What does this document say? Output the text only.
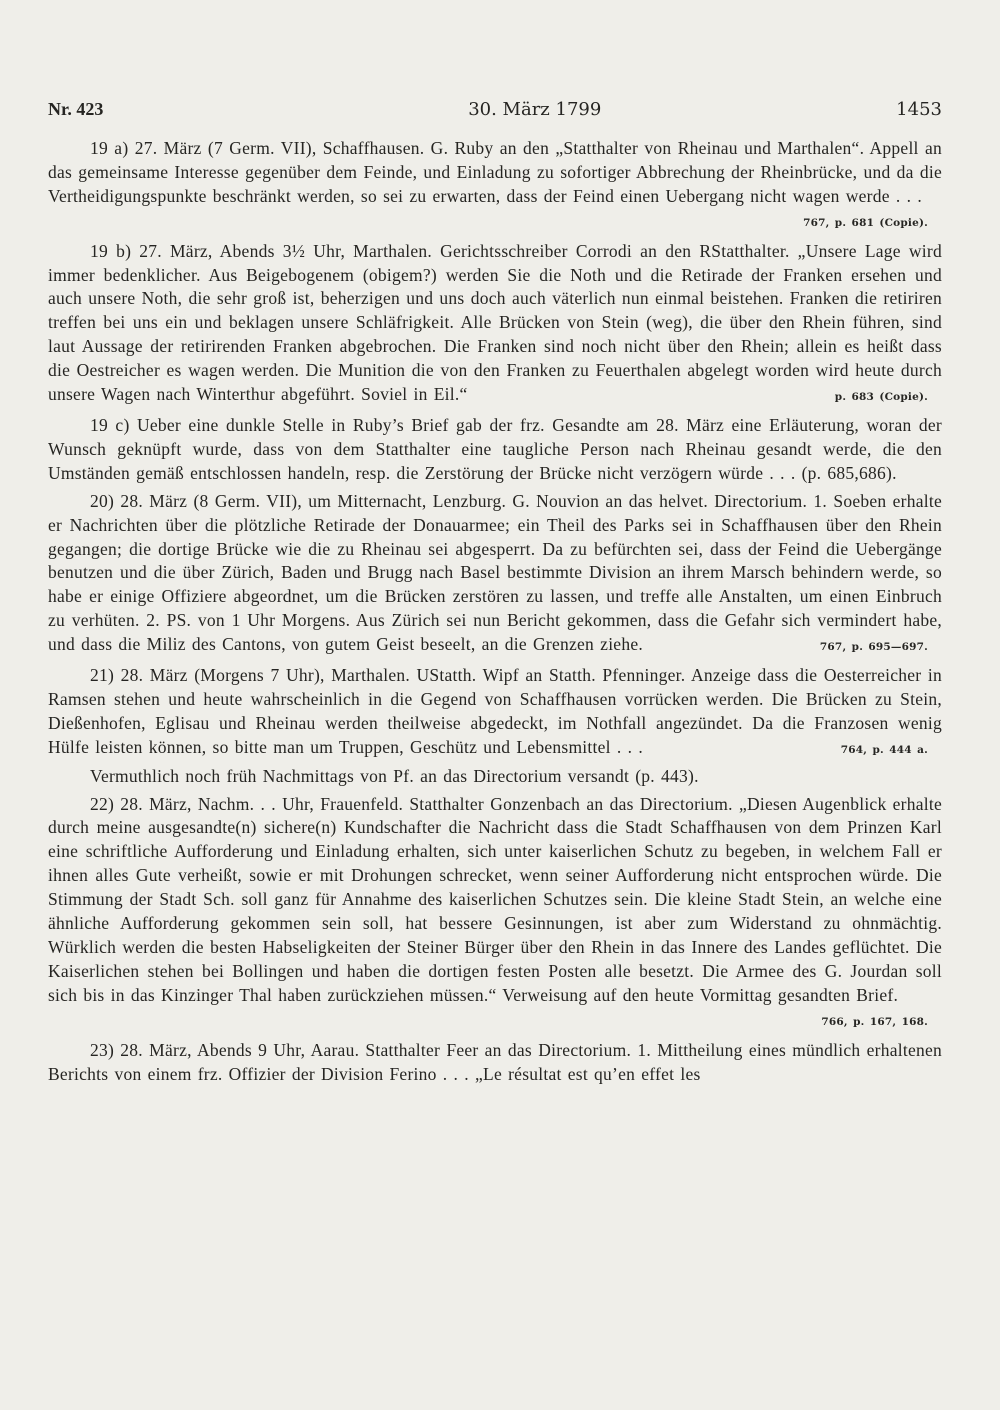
Nr. 423	30. März 1799	1453

19 a) 27. März (7 Germ. VII), Schaffhausen. G. Ruby an den „Statthalter von Rheinau und Marthalen“. Appell an das gemeinsame Interesse gegenüber dem Feinde, und Einladung zu sofortiger Abbrechung der Rheinbrücke, und da die Vertheidigungspunkte beschränkt werden, so sei zu erwarten, dass der Feind einen Uebergang nicht wagen werde . . .
767, p. 681 (Copie).

19 b) 27. März, Abends 3½ Uhr, Marthalen. Gerichtsschreiber Corrodi an den RStatthalter. „Unsere Lage wird immer bedenklicher. Aus Beigebogenem (obigem?) werden Sie die Noth und die Retirade der Franken ersehen und auch unsere Noth, die sehr groß ist, beherzigen und uns doch auch väterlich nun einmal beistehen. Franken die retiriren treffen bei uns ein und beklagen unsere Schläfrigkeit. Alle Brücken von Stein (weg), die über den Rhein führen, sind laut Aussage der retirirenden Franken abgebrochen. Die Franken sind noch nicht über den Rhein; allein es heißt dass die Oestreicher es wagen werden. Die Munition die von den Franken zu Feuerthalen abgelegt worden wird heute durch unsere Wagen nach Winterthur abgeführt. Soviel in Eil.“	p. 683 (Copie).

19 c) Ueber eine dunkle Stelle in Ruby’s Brief gab der frz. Gesandte am 28. März eine Erläuterung, woran der Wunsch geknüpft wurde, dass von dem Statthalter eine taugliche Person nach Rheinau gesandt werde, die den Umständen gemäß entschlossen handeln, resp. die Zerstörung der Brücke nicht verzögern würde . . . (p. 685,686).

20) 28. März (8 Germ. VII), um Mitternacht, Lenzburg. G. Nouvion an das helvet. Directorium. 1. Soeben erhalte er Nachrichten über die plötzliche Retirade der Donauarmee; ein Theil des Parks sei in Schaffhausen über den Rhein gegangen; die dortige Brücke wie die zu Rheinau sei abgesperrt. Da zu befürchten sei, dass der Feind die Uebergänge benutzen und die über Zürich, Baden und Brugg nach Basel bestimmte Division an ihrem Marsch behindern werde, so habe er einige Offiziere abgeordnet, um die Brücken zerstören zu lassen, und treffe alle Anstalten, um einen Einbruch zu verhüten. 2. PS. von 1 Uhr Morgens. Aus Zürich sei nun Bericht gekommen, dass die Gefahr sich vermindert habe, und dass die Miliz des Cantons, von gutem Geist beseelt, an die Grenzen ziehe.	767, p. 695—697.

21) 28. März (Morgens 7 Uhr), Marthalen. UStatth. Wipf an Statth. Pfenninger. Anzeige dass die Oesterreicher in Ramsen stehen und heute wahrscheinlich in die Gegend von Schaffhausen vorrücken werden. Die Brücken zu Stein, Dießenhofen, Eglisau und Rheinau werden theilweise abgedeckt, im Nothfall angezündet. Da die Franzosen wenig Hülfe leisten können, so bitte man um Truppen, Geschütz und Lebensmittel . . .	764, p. 444 a.

Vermuthlich noch früh Nachmittags von Pf. an das Directorium versandt (p. 443).

22) 28. März, Nachm. . . Uhr, Frauenfeld. Statthalter Gonzenbach an das Directorium. „Diesen Augenblick erhalte durch meine ausgesandte(n) sichere(n) Kundschafter die Nachricht dass die Stadt Schaffhausen von dem Prinzen Karl eine schriftliche Aufforderung und Einladung erhalten, sich unter kaiserlichen Schutz zu begeben, in welchem Fall er ihnen alles Gute verheißt, sowie er mit Drohungen schrecket, wenn seiner Aufforderung nicht entsprochen würde. Die Stimmung der Stadt Sch. soll ganz für Annahme des kaiserlichen Schutzes sein. Die kleine Stadt Stein, an welche eine ähnliche Aufforderung gekommen sein soll, hat bessere Gesinnungen, ist aber zum Widerstand zu ohnmächtig. Würklich werden die besten Habseligkeiten der Steiner Bürger über den Rhein in das Innere des Landes geflüchtet. Die Kaiserlichen stehen bei Bollingen und haben die dortigen festen Posten alle besetzt. Die Armee des G. Jourdan soll sich bis in das Kinzinger Thal haben zurückziehen müssen.“ Verweisung auf den heute Vormittag gesandten Brief.
766, p. 167, 168.

23) 28. März, Abends 9 Uhr, Aarau. Statthalter Feer an das Directorium. 1. Mittheilung eines mündlich erhaltenen Berichts von einem frz. Offizier der Division Ferino . . . „Le résultat est qu’en effet les
